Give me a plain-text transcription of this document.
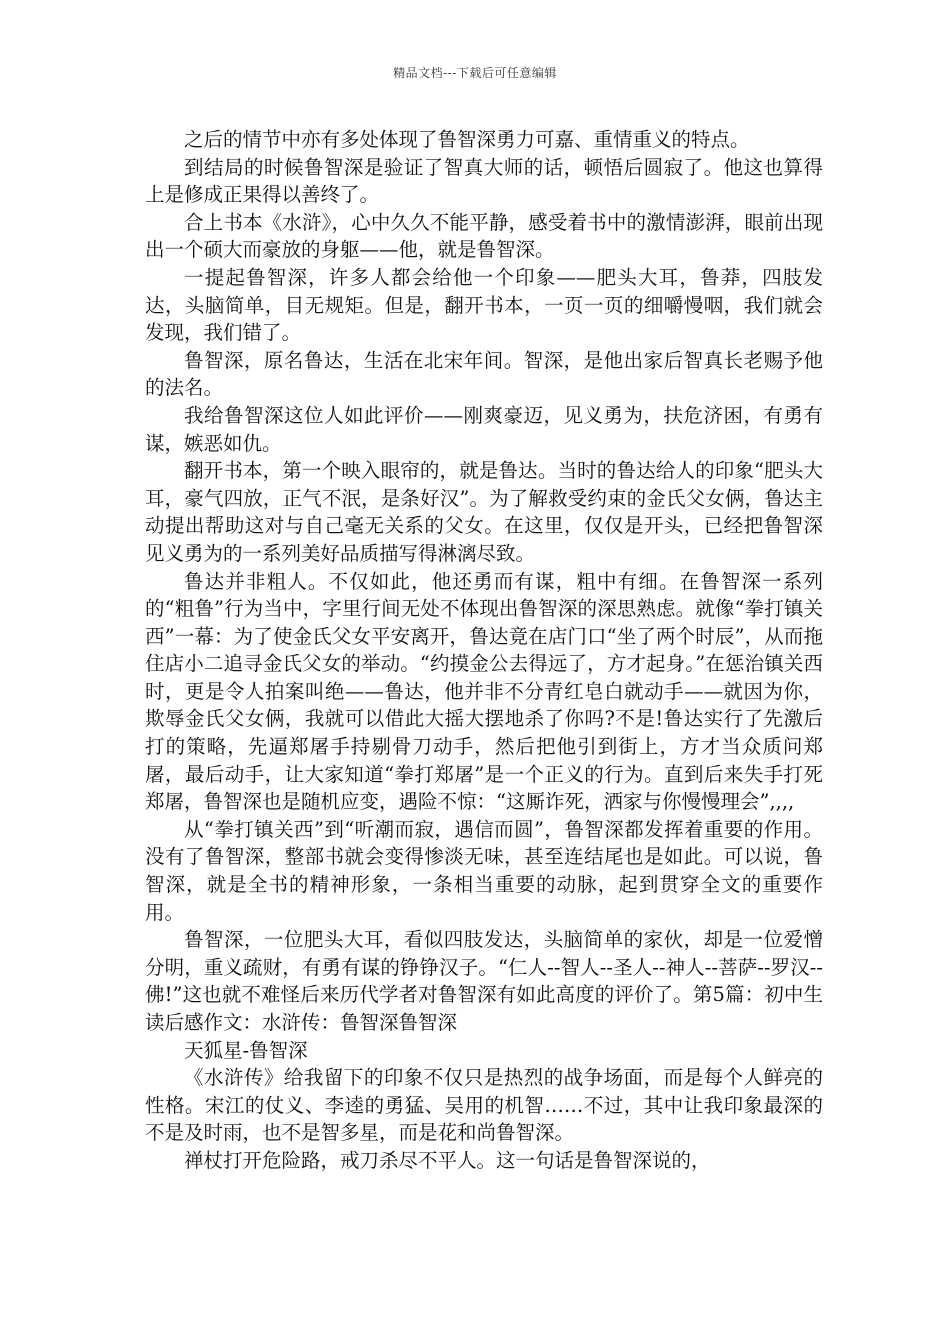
精品文档---下载后可任意编辑

之后的情节中亦有多处体现了鲁智深勇力可嘉、重情重义的特点。

到结局的时候鲁智深是验证了智真大师的话，顿悟后圆寂了。他这也算得上是修成正果得以善终了。

合上书本《水浒》，心中久久不能平静，感受着书中的激情澎湃，眼前出现出一个硕大而豪放的身躯——他，就是鲁智深。

一提起鲁智深，许多人都会给他一个印象——肥头大耳，鲁莽，四肢发达，头脑简单，目无规矩。但是，翻开书本，一页一页的细嚼慢咽，我们就会发现，我们错了。

鲁智深，原名鲁达，生活在北宋年间。智深，是他出家后智真长老赐予他的法名。

我给鲁智深这位人如此评价——刚爽豪迈，见义勇为，扶危济困，有勇有谋，嫉恶如仇。

翻开书本，第一个映入眼帘的，就是鲁达。当时的鲁达给人的印象“肥头大耳，豪气四放，正气不泯，是条好汉”。为了解救受约束的金氏父女俩，鲁达主动提出帮助这对与自己毫无关系的父女。在这里，仅仅是开头，已经把鲁智深见义勇为的一系列美好品质描写得淋漓尽致。

鲁达并非粗人。不仅如此，他还勇而有谋，粗中有细。在鲁智深一系列的“粗鲁”行为当中，字里行间无处不体现出鲁智深的深思熟虑。就像“拳打镇关西”一幕：为了使金氏父女平安离开，鲁达竟在店门口“坐了两个时辰”，从而拖住店小二追寻金氏父女的举动。“约摸金公去得远了，方才起身。”在惩治镇关西时，更是令人拍案叫绝——鲁达，他并非不分青红皂白就动手——就因为你，欺辱金氏父女俩，我就可以借此大摇大摆地杀了你吗?不是!鲁达实行了先激后打的策略，先逼郑屠手持剔骨刀动手，然后把他引到街上，方才当众质问郑屠，最后动手，让大家知道“拳打郑屠”是一个正义的行为。直到后来失手打死郑屠，鲁智深也是随机应变，遇险不惊：“这厮诈死，洒家与你慢慢理会”,,,,

从“拳打镇关西”到“听潮而寂，遇信而圆”，鲁智深都发挥着重要的作用。没有了鲁智深，整部书就会变得惨淡无味，甚至连结尾也是如此。可以说，鲁智深，就是全书的精神形象，一条相当重要的动脉，起到贯穿全文的重要作用。

鲁智深，一位肥头大耳，看似四肢发达，头脑简单的家伙，却是一位爱憎分明，重义疏财，有勇有谋的铮铮汉子。“仁人--智人--圣人--神人--菩萨--罗汉--佛!”这也就不难怪后来历代学者对鲁智深有如此高度的评价了。第5篇：初中生读后感作文：水浒传：鲁智深鲁智深

天狐星-鲁智深

《水浒传》给我留下的印象不仅只是热烈的战争场面，而是每个人鲜亮的性格。宋江的仗义、李逵的勇猛、吴用的机智……不过，其中让我印象最深的不是及时雨，也不是智多星，而是花和尚鲁智深。

禅杖打开危险路，戒刀杀尽不平人。这一句话是鲁智深说的，
